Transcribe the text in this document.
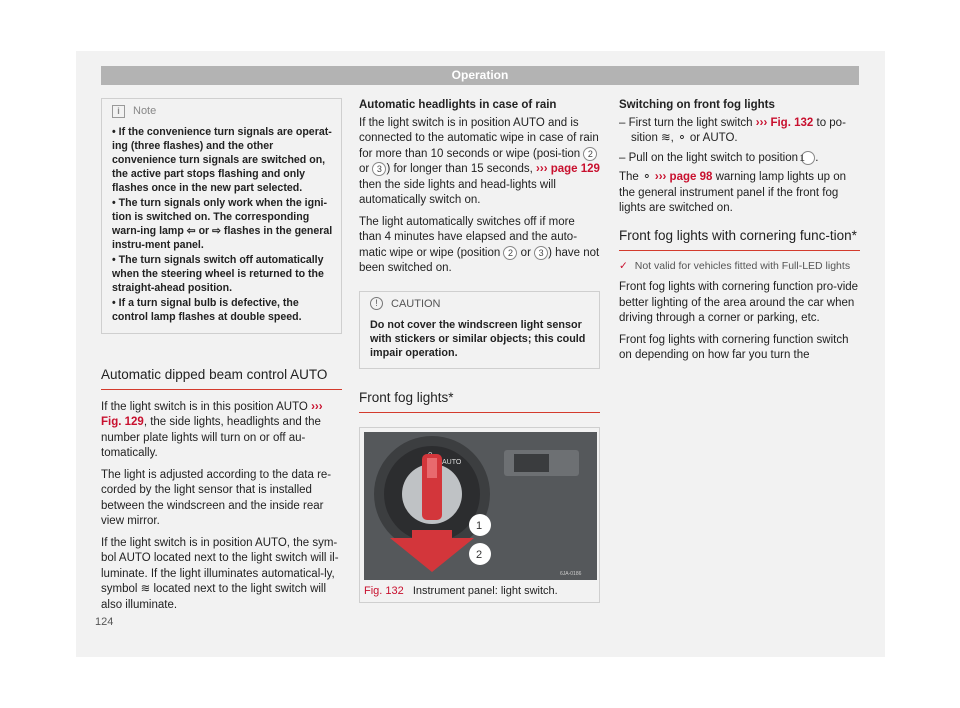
Operation
i	Note
• If the convenience turn signals are operat-ing (three flashes) and the other convenience turn signals are switched on, the active part stops flashing and only flashes once in the new part selected.
• The turn signals only work when the igni-tion is switched on. The corresponding warn-ing lamp ⇦ or ⇨ flashes in the general instru-ment panel.
• The turn signals switch off automatically when the steering wheel is returned to the straight-ahead position.
• If a turn signal bulb is defective, the control lamp flashes at double speed.
Automatic dipped beam control AUTO

If the light switch is in this position AUTO ››› Fig. 129, the side lights, headlights and the number plate lights will turn on or off au-tomatically.

The light is adjusted according to the data re-corded by the light sensor that is installed between the windscreen and the inside rear view mirror.

If the light switch is in position AUTO, the sym-bol AUTO located next to the light switch will il-luminate. If the light illuminates automatical-ly, symbol ≋ located next to the light switch will also illuminate.

Automatic headlights in case of rain

If the light switch is in position AUTO and is connected to the automatic wipe in case of rain for more than 10 seconds or wipe (posi-tion 2 or 3 ) for longer than 15 seconds, ››› page 129 then the side lights and head-lights will automatically switch on.

The light automatically switches off if more than 4 minutes have elapsed and the auto-matic wipe or wipe (position 2 or 3 ) have not been switched on.

!	CAUTION
Do not cover the windscreen light sensor with stickers or similar objects; this could impair operation.
Front fog lights*
AUTO
1
2
6JA-0186
Fig. 132 Instrument panel: light switch.

Switching on front fog lights

– First turn the light switch ››› Fig. 132 to po-sition ≋, ⚬ or AUTO.

– Pull on the light switch to position 1 .

The ⚬ ››› page 98 warning lamp lights up on the general instrument panel if the front fog lights are switched on.

Front fog lights with cornering func-tion*

✓ Not valid for vehicles fitted with Full-LED lights

Front fog lights with cornering function pro-vide better lighting of the area around the car when driving through a corner or parking, etc.

Front fog lights with cornering function switch on depending on how far you turn the

124
